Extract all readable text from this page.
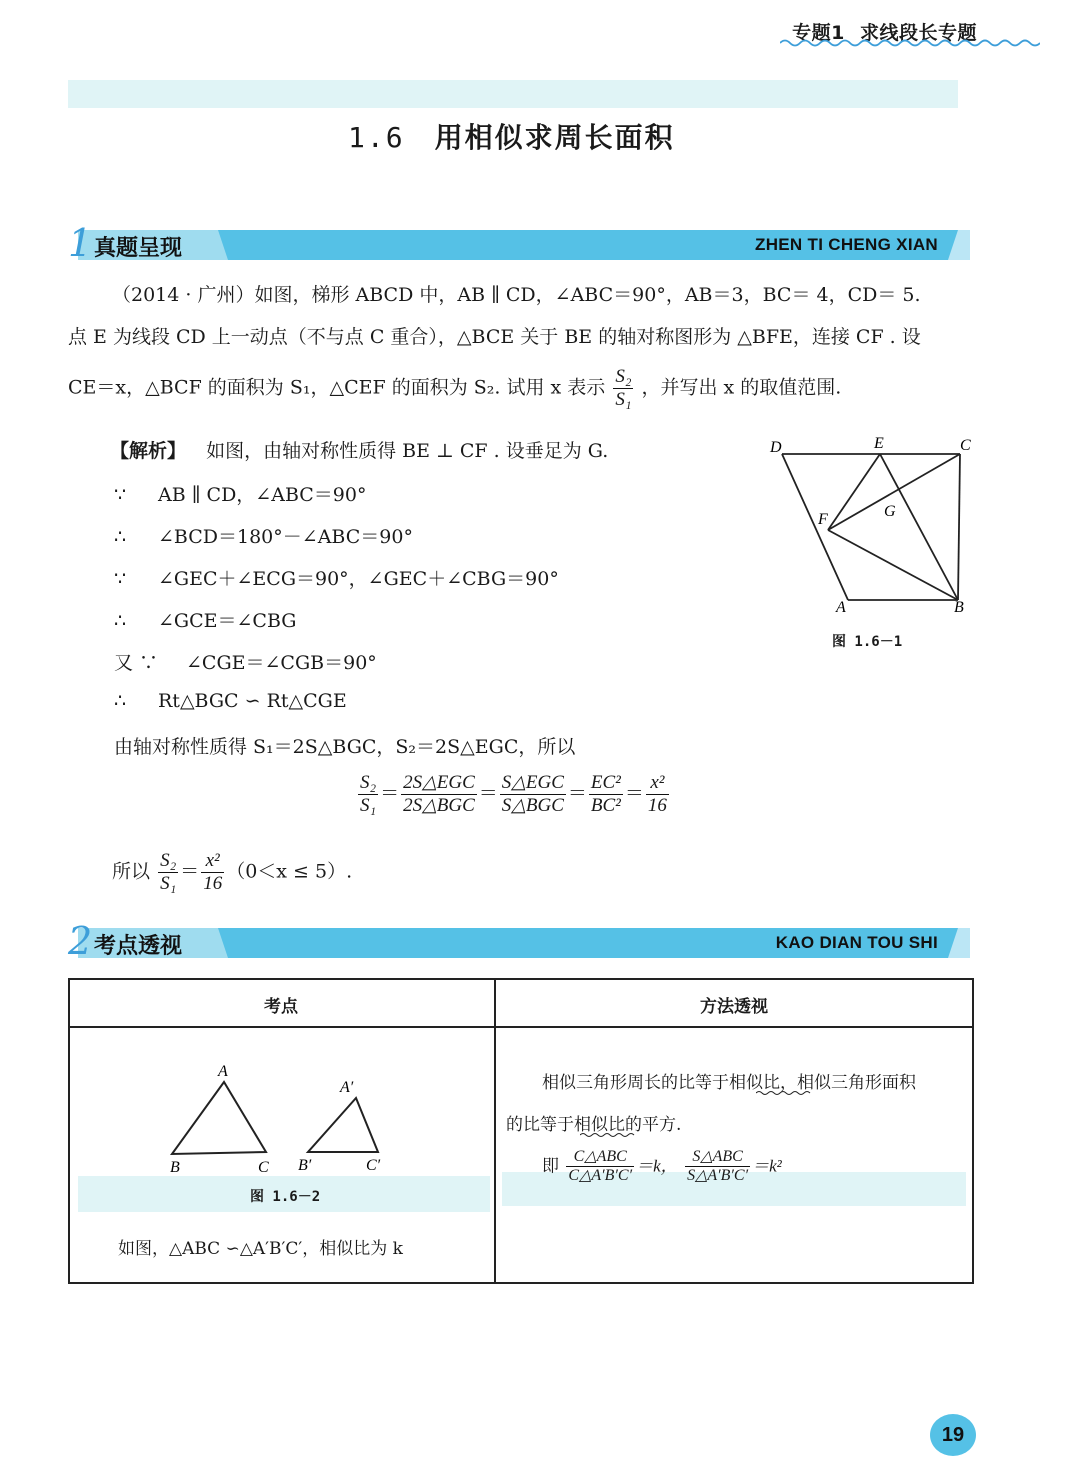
专题1 求线段长专题
1.6 用相似求周长面积
1 真题呈现	ZHEN TI CHENG XIAN
（2014 · 广州）如图，梯形 ABCD 中，AB ∥ CD，∠ABC＝90°，AB＝3，BC＝ 4，CD＝ 5.
点 E 为线段 CD 上一动点（不与点 C 重合），△BCE 关于 BE 的轴对称图形为 △BFE，连接 CF . 设
CE＝x，△BCF 的面积为 S₁，△CEF 的面积为 S₂. 试用 x 表示 $\frac{\text{S₂}}{\text{S₁}}$ ，并写出 x 的取值范围.
【解析】 如图，由轴对称性质得 BE ⊥ CF . 设垂足为 G.
∵ AB ∥ CD，∠ABC＝90°
∴ ∠BCD＝180°－∠ABC＝90°
∵ ∠GEC＋∠ECG＝90°，∠GEC＋∠CBG＝90°
∴ ∠GCE＝∠CBG
又 ∵ ∠CGE＝∠CGB＝90°
∴ Rt△BGC ∽ Rt△CGE
由轴对称性质得 S₁＝2S△BGC，S₂＝2S△EGC，所以
$\frac{\text{S₂}}{\text{S₁}} = \frac{\text{2S△EGC}}{\text{2S△BGC}} = \frac{\text{S△EGC}}{\text{S△BGC}} = \frac{\text{EC²}}{\text{BC²}} = \frac{\text{x²}}{16}$
所以 $\frac{\text{S₂}}{\text{S₁}} = \frac{\text{x²}}{16} (0<x \le 5)$.
D	E	C
F	G
A	B
图 1.6－1
2 考点透视	KAO DIAN TOU SHI
考点	方法透视
A
B	C
A′
B′	C′
图 1.6－2
如图，△ABC ∽△A′B′C′，相似比为 k
相似三角形周长的比等于相似比，相似三角形面积
的比等于相似比的平方.
即 $\frac{\text{C△ABC}}{C\triangle A'B'C'} =k$， $\frac{\text{S△ABC}}{S\triangle A'B'C'} =k^2$
19
